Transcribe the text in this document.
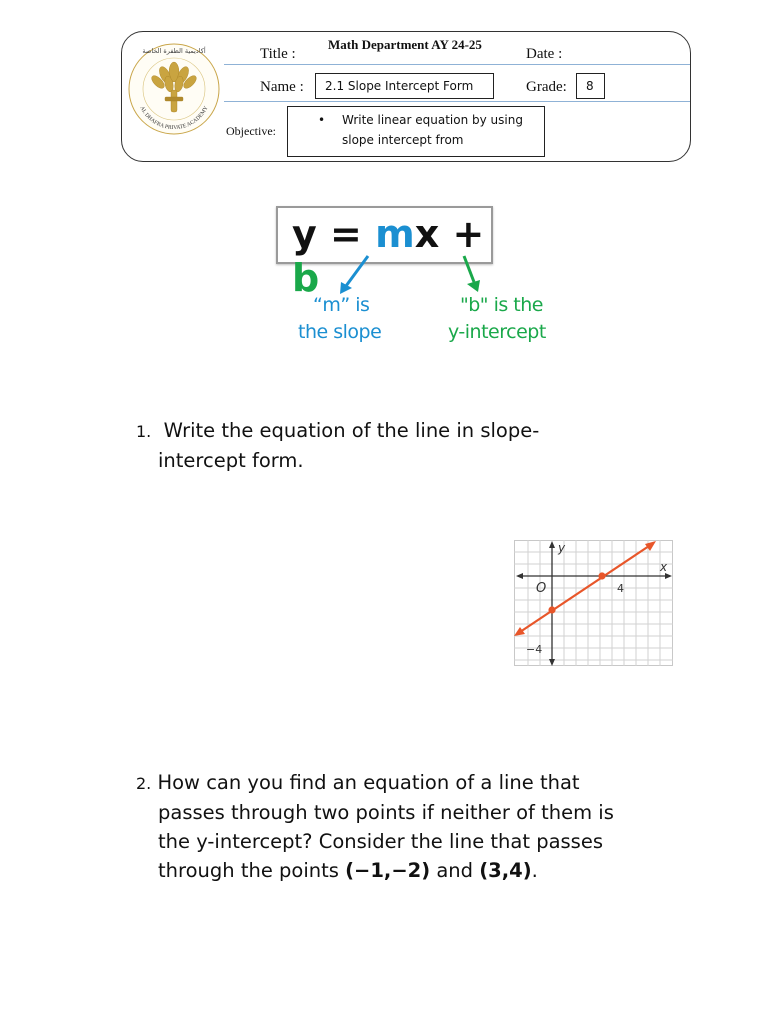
أكاديمية الظفرة الخاصة
AL DHAFRA PRIVATE ACADEMY
Math Department AY 24-25
Title :	Date :
Name :	2.1 Slope Intercept Form	Grade:	8
Objective:
• Write linear equation by using
slope intercept from
y = mx + b
“m” is
the slope
"b" is the
y-intercept
1. Write the equation of the line in slope-
intercept form.
y
x
O	4
−4
2. How can you find an equation of a line that
passes through two points if neither of them is
the y-intercept? Consider the line that passes
through the points (−1,−2) and (3,4).
